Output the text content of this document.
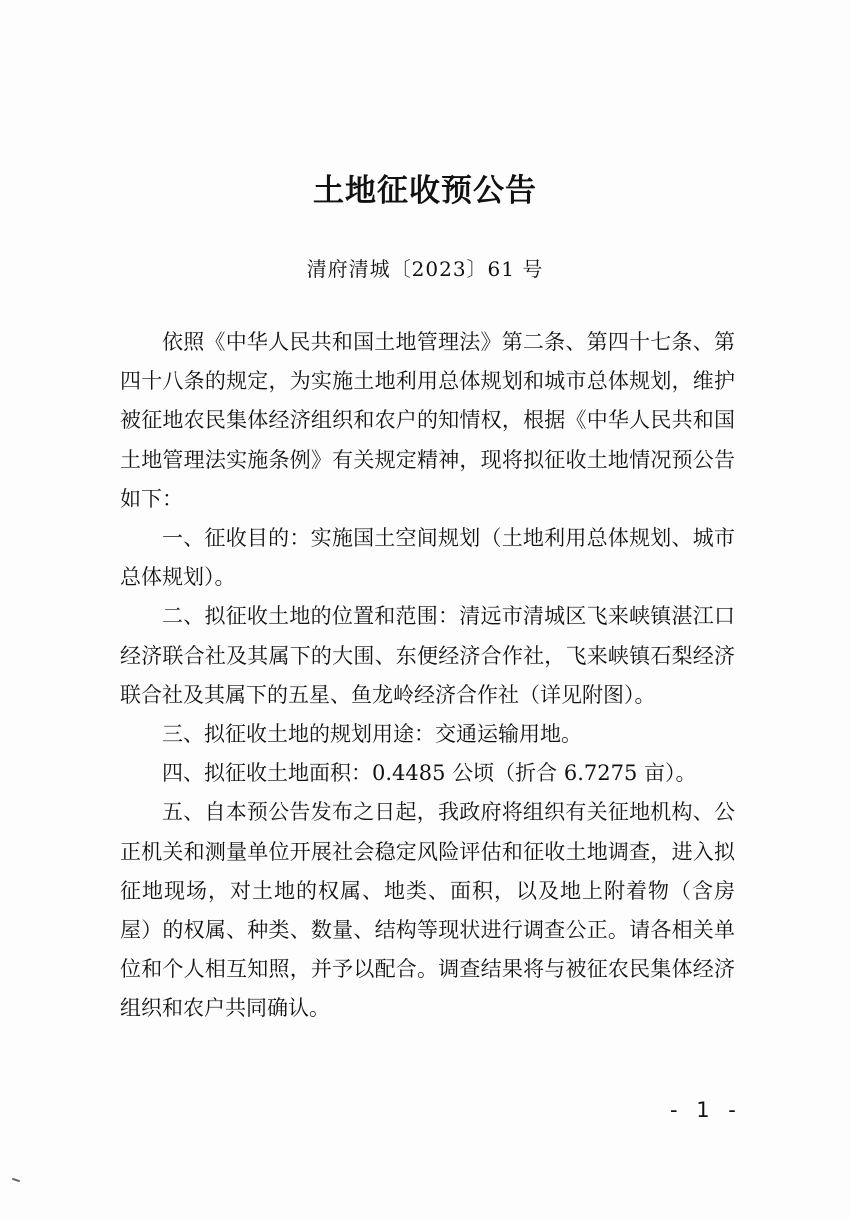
土地征收预公告
清府清城〔2023〕61 号

依照《中华人民共和国土地管理法》第二条、第四十七条、第四十八条的规定，为实施土地利用总体规划和城市总体规划，维护被征地农民集体经济组织和农户的知情权，根据《中华人民共和国土地管理法实施条例》有关规定精神，现将拟征收土地情况预公告如下：

一、征收目的：实施国土空间规划（土地利用总体规划、城市总体规划）。

二、拟征收土地的位置和范围：清远市清城区飞来峡镇湛江口经济联合社及其属下的大围、东便经济合作社，飞来峡镇石梨经济联合社及其属下的五星、鱼龙岭经济合作社（详见附图）。

三、拟征收土地的规划用途：交通运输用地。

四、拟征收土地面积：0.4485 公顷（折合 6.7275 亩）。

五、自本预公告发布之日起，我政府将组织有关征地机构、公正机关和测量单位开展社会稳定风险评估和征收土地调查，进入拟征地现场，对土地的权属、地类、面积，以及地上附着物（含房屋）的权属、种类、数量、结构等现状进行调查公正。请各相关单位和个人相互知照，并予以配合。调查结果将与被征农民集体经济组织和农户共同确认。

- 1 -
